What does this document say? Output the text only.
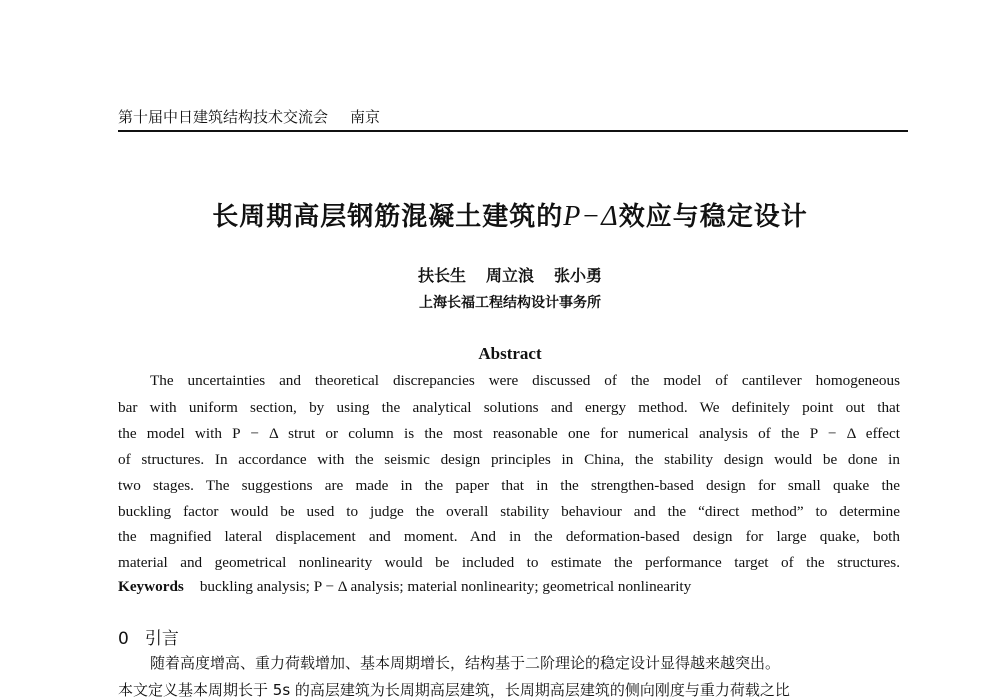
第十届中日建筑结构技术交流会 南京
长周期高层钢筋混凝土建筑的P−Δ效应与稳定设计
扶长生 周立浪 张小勇
上海长福工程结构设计事务所
Abstract
The uncertainties and theoretical discrepancies were discussed of the model of cantilever homogeneous
bar with uniform section, by using the analytical solutions and energy method. We definitely point out that
the model with P − Δ strut or column is the most reasonable one for numerical analysis of the P − Δ effect
of structures. In accordance with the seismic design principles in China, the stability design would be done in
two stages. The suggestions are made in the paper that in the strengthen-based design for small quake the
buckling factor would be used to judge the overall stability behaviour and the “direct method” to determine
the magnified lateral displacement and moment. And in the deformation-based design for large quake, both
material and geometrical nonlinearity would be included to estimate the performance target of the structures.
Keywords buckling analysis; P − Δ analysis; material nonlinearity; geometrical nonlinearity
0 引言
随着高度增高、重力荷载增加、基本周期增长，结构基于二阶理论的稳定设计显得越来越突出。
本文定义基本周期长于 5s 的高层建筑为长周期高层建筑，长周期高层建筑的侧向刚度与重力荷载之比
